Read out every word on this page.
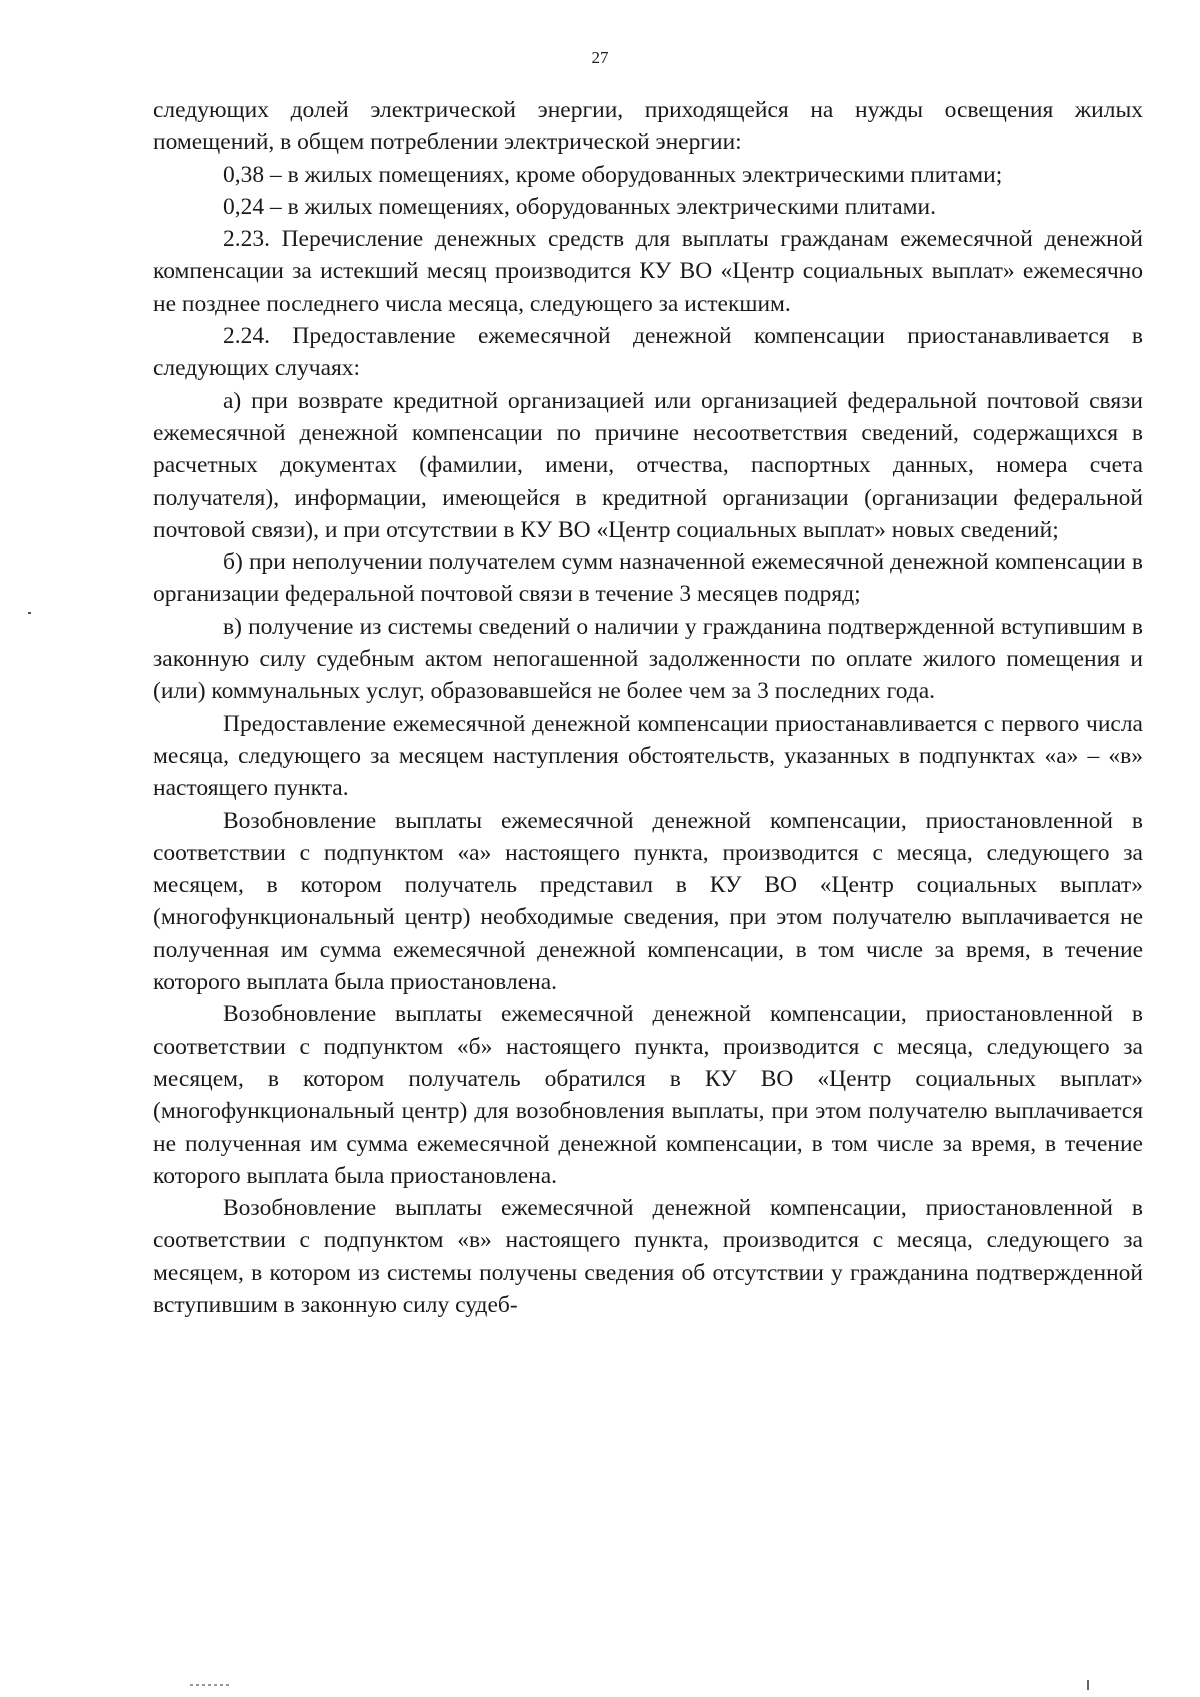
27

следующих долей электрической энергии, приходящейся на нужды освещения жилых помещений, в общем потреблении электрической энергии:

0,38 – в жилых помещениях, кроме оборудованных электрическими плитами;

0,24 – в жилых помещениях, оборудованных электрическими плитами.

2.23. Перечисление денежных средств для выплаты гражданам ежемесячной денежной компенсации за истекший месяц производится КУ ВО «Центр социальных выплат» ежемесячно не позднее последнего числа месяца, следующего за истекшим.

2.24. Предоставление ежемесячной денежной компенсации приостанавливается в следующих случаях:

а) при возврате кредитной организацией или организацией федеральной почтовой связи ежемесячной денежной компенсации по причине несоответствия сведений, содержащихся в расчетных документах (фамилии, имени, отчества, паспортных данных, номера счета получателя), информации, имеющейся в кредитной организации (организации федеральной почтовой связи), и при отсутствии в КУ ВО «Центр социальных выплат» новых сведений;

б) при неполучении получателем сумм назначенной ежемесячной денежной компенсации в организации федеральной почтовой связи в течение 3 месяцев подряд;

в) получение из системы сведений о наличии у гражданина подтвержденной вступившим в законную силу судебным актом непогашенной задолженности по оплате жилого помещения и (или) коммунальных услуг, образовавшейся не более чем за 3 последних года.

Предоставление ежемесячной денежной компенсации приостанавливается с первого числа месяца, следующего за месяцем наступления обстоятельств, указанных в подпунктах «а» – «в» настоящего пункта.

Возобновление выплаты ежемесячной денежной компенсации, приостановленной в соответствии с подпунктом «а» настоящего пункта, производится с месяца, следующего за месяцем, в котором получатель представил в КУ ВО «Центр социальных выплат» (многофункциональный центр) необходимые сведения, при этом получателю выплачивается не полученная им сумма ежемесячной денежной компенсации, в том числе за время, в течение которого выплата была приостановлена.

Возобновление выплаты ежемесячной денежной компенсации, приостановленной в соответствии с подпунктом «б» настоящего пункта, производится с месяца, следующего за месяцем, в котором получатель обратился в КУ ВО «Центр социальных выплат» (многофункциональный центр) для возобновления выплаты, при этом получателю выплачивается не полученная им сумма ежемесячной денежной компенсации, в том числе за время, в течение которого выплата была приостановлена.

Возобновление выплаты ежемесячной денежной компенсации, приостановленной в соответствии с подпунктом «в» настоящего пункта, производится с месяца, следующего за месяцем, в котором из системы получены сведения об отсутствии у гражданина подтвержденной вступившим в законную силу судеб-
